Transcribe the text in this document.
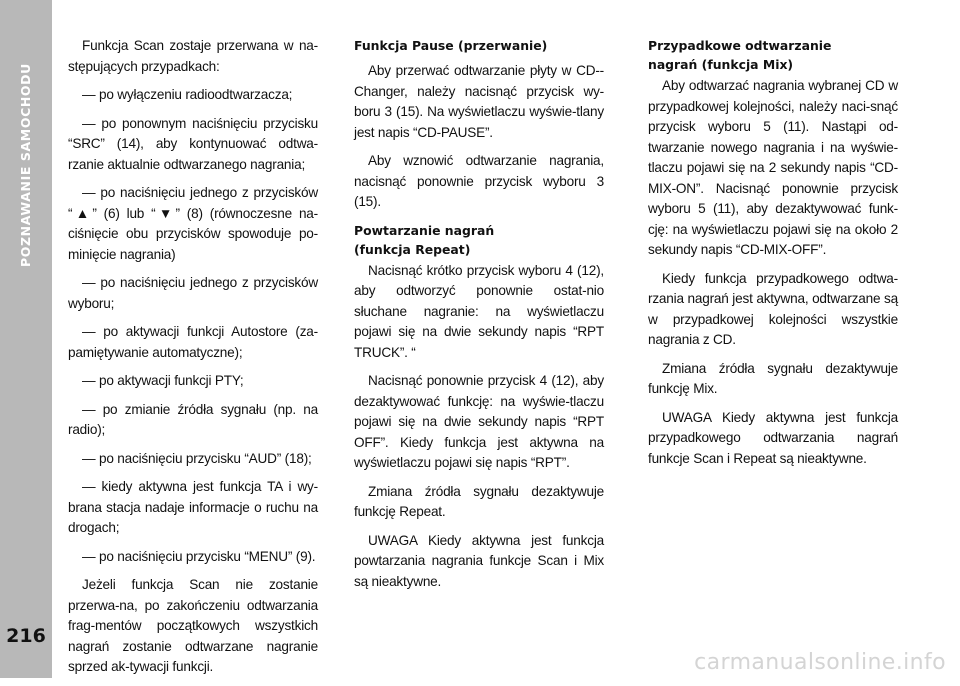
POZNAWANIE SAMOCHODU
216

Funkcja Scan zostaje przerwana w na-stępujących przypadkach:

— po wyłączeniu radioodtwarzacza;

— po ponownym naciśnięciu przycisku “SRC” (14), aby kontynuować odtwa-rzanie aktualnie odtwarzanego nagrania;

— po naciśnięciu jednego z przycisków “▲” (6) lub “▼” (8) (równoczesne na-ciśnięcie obu przycisków spowoduje po-minięcie nagrania)

— po naciśnięciu jednego z przycisków wyboru;

— po aktywacji funkcji Autostore (za-pamiętywanie automatyczne);

— po aktywacji funkcji PTY;

— po zmianie źródła sygnału (np. na radio);

— po naciśnięciu przycisku “AUD” (18);

— kiedy aktywna jest funkcja TA i wy-brana stacja nadaje informacje o ruchu na drogach;

— po naciśnięciu przycisku “MENU” (9).

Jeżeli funkcja Scan nie zostanie przerwa-na, po zakończeniu odtwarzania frag-mentów początkowych wszystkich nagrań zostanie odtwarzane nagranie sprzed ak-tywacji funkcji.

Funkcja Pause (przerwanie)

Aby przerwać odtwarzanie płyty w CD--Changer, należy nacisnąć przycisk wy-boru 3 (15). Na wyświetlaczu wyświe-tlany jest napis “CD-PAUSE”.

Aby wznowić odtwarzanie nagrania, nacisnąć ponownie przycisk wyboru 3 (15).

Powtarzanie nagrań
(funkcja Repeat)

Nacisnąć krótko przycisk wyboru 4 (12), aby odtworzyć ponownie ostat-nio słuchane nagranie: na wyświetlaczu pojawi się na dwie sekundy napis “RPT TRUCK”. “

Nacisnąć ponownie przycisk 4 (12), aby dezaktywować funkcję: na wyświe-tlaczu pojawi się na dwie sekundy napis “RPT OFF”. Kiedy funkcja jest aktywna na wyświetlaczu pojawi się napis “RPT”.

Zmiana źródła sygnału dezaktywuje funkcję Repeat.

UWAGA Kiedy aktywna jest funkcja powtarzania nagrania funkcje Scan i Mix są nieaktywne.

Przypadkowe odtwarzanie
nagrań (funkcja Mix)

Aby odtwarzać nagrania wybranej CD w przypadkowej kolejności, należy naci-snąć przycisk wyboru 5 (11). Nastąpi od-twarzanie nowego nagrania i na wyświe-tlaczu pojawi się na 2 sekundy napis “CD-MIX-ON”. Nacisnąć ponownie przycisk wyboru 5 (11), aby dezaktywować funk-cję: na wyświetlaczu pojawi się na około 2 sekundy napis “CD-MIX-OFF”.

Kiedy funkcja przypadkowego odtwa-rzania nagrań jest aktywna, odtwarzane są w przypadkowej kolejności wszystkie nagrania z CD.

Zmiana źródła sygnału dezaktywuje funkcję Mix.

UWAGA Kiedy aktywna jest funkcja przypadkowego odtwarzania nagrań funkcje Scan i Repeat są nieaktywne.

carmanualsonline.info
